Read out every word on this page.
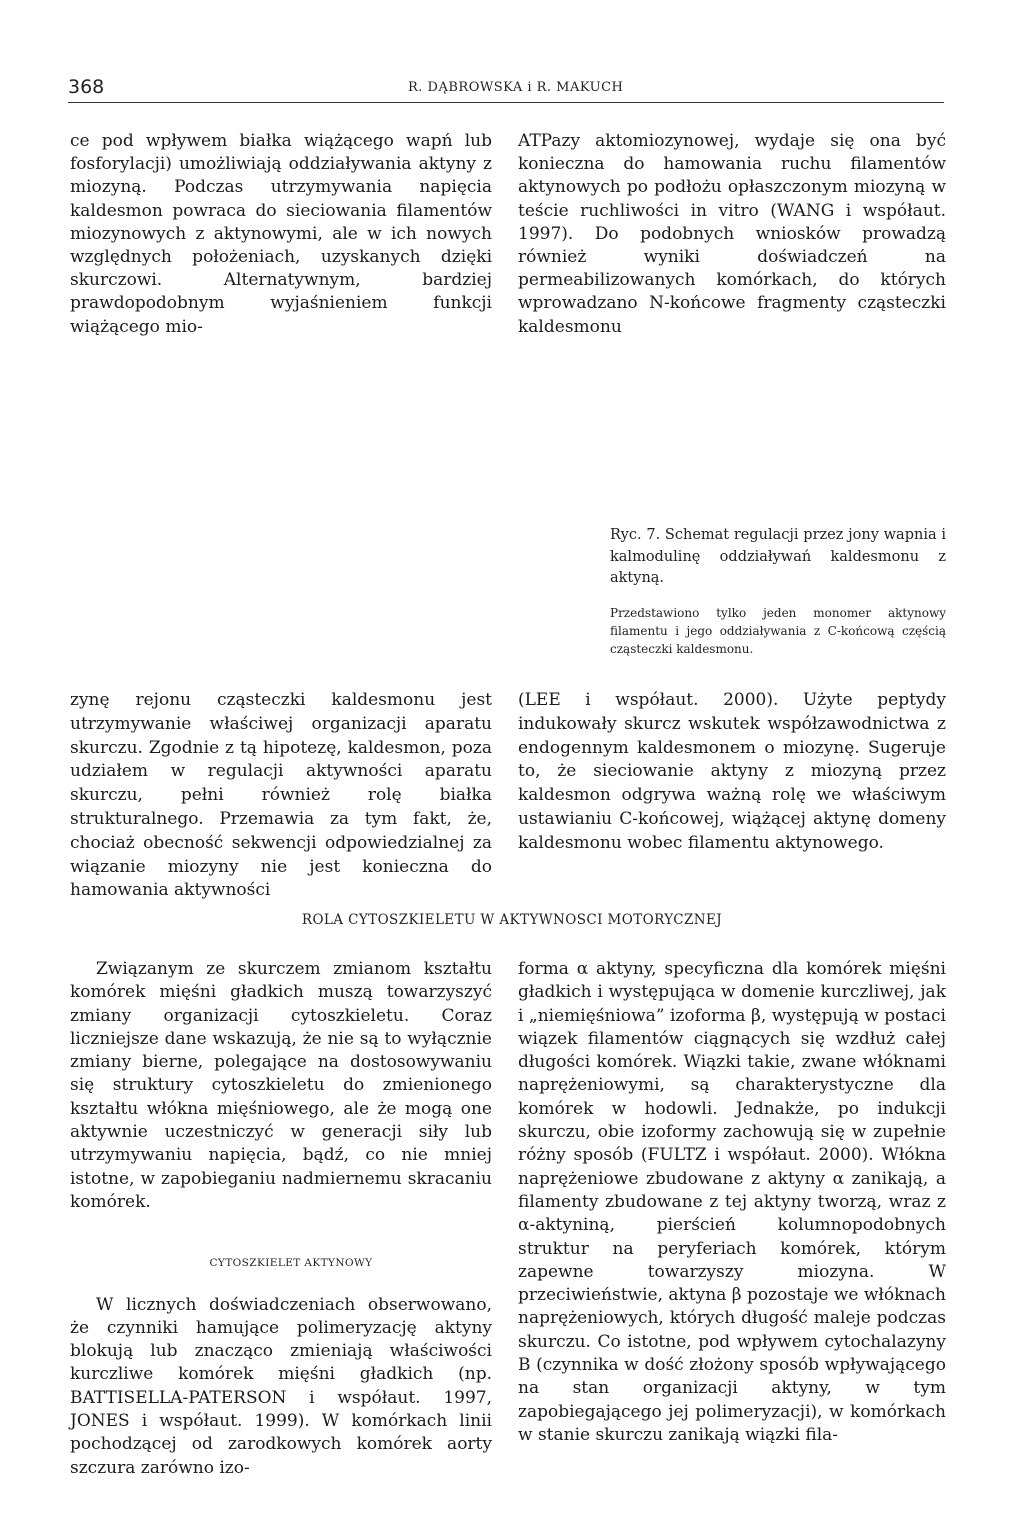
368	R. DĄBROWSKA i R. MAKUCH

ce pod wpływem białka wiążącego wapń lub fosforylacji) umożliwiają oddziaływania aktyny z miozyną. Podczas utrzymywania napięcia kaldesmon powraca do sieciowania filamentów miozynowych z aktynowymi, ale w ich nowych względnych położeniach, uzyskanych dzięki skurczowi. Alternatywnym, bardziej prawdopodobnym wyjaśnieniem funkcji wiążącego mio-

ATPazy aktomiozynowej, wydaje się ona być konieczna do hamowania ruchu filamentów aktynowych po podłożu opłaszczonym miozyną w teście ruchliwości in vitro (WANG i współaut. 1997). Do podobnych wniosków prowadzą również wyniki doświadczeń na permeabilizowanych komórkach, do których wprowadzano N-końcowe fragmenty cząsteczki kaldesmonu

Ryc. 7. Schemat regulacji przez jony wapnia i kalmodulinę oddziaływań kaldesmonu z aktyną.

Przedstawiono tylko jeden monomer aktynowy filamentu i jego oddziaływania z C-końcową częścią cząsteczki kaldesmonu.

zynę rejonu cząsteczki kaldesmonu jest utrzymywanie właściwej organizacji aparatu skurczu. Zgodnie z tą hipotezę, kaldesmon, poza udziałem w regulacji aktywności aparatu skurczu, pełni również rolę białka strukturalnego. Przemawia za tym fakt, że, chociaż obecność sekwencji odpowiedzialnej za wiązanie miozyny nie jest konieczna do hamowania aktywności

(LEE i współaut. 2000). Użyte peptydy indukowały skurcz wskutek współzawodnictwa z endogennym kaldesmonem o miozynę. Sugeruje to, że sieciowanie aktyny z miozyną przez kaldesmon odgrywa ważną rolę we właściwym ustawianiu C-końcowej, wiążącej aktynę domeny kaldesmonu wobec filamentu aktynowego.

ROLA CYTOSZKIELETU W AKTYWNOSCI MOTORYCZNEJ

Związanym ze skurczem zmianom kształtu komórek mięśni gładkich muszą towarzyszyć zmiany organizacji cytoszkieletu. Coraz liczniejsze dane wskazują, że nie są to wyłącznie zmiany bierne, polegające na dostosowywaniu się struktury cytoszkieletu do zmienionego kształtu włókna mięśniowego, ale że mogą one aktywnie uczestniczyć w generacji siły lub utrzymywaniu napięcia, bądź, co nie mniej istotne, w zapobieganiu nadmiernemu skracaniu komórek.

CYTOSZKIELET AKTYNOWY

W licznych doświadczeniach obserwowano, że czynniki hamujące polimeryzację aktyny blokują lub znacząco zmieniają właściwości kurczliwe komórek mięśni gładkich (np. BATTISELLA-PATERSON i współaut. 1997, JONES i współaut. 1999). W komórkach linii pochodzącej od zarodkowych komórek aorty szczura zarówno izo-

forma α aktyny, specyficzna dla komórek mięśni gładkich i występująca w domenie kurczliwej, jak i „niemięśniowa” izoforma β, występują w postaci wiązek filamentów ciągnących się wzdłuż całej długości komórek. Wiązki takie, zwane włóknami naprężeniowymi, są charakterystyczne dla komórek w hodowli. Jednakże, po indukcji skurczu, obie izoformy zachowują się w zupełnie różny sposób (FULTZ i współaut. 2000). Włókna naprężeniowe zbudowane z aktyny α zanikają, a filamenty zbudowane z tej aktyny tworzą, wraz z α-aktyniną, pierścień kolumnopodobnych struktur na peryferiach komórek, którym zapewne towarzyszy miozyna. W przeciwieństwie, aktyna β pozostaje we włóknach naprężeniowych, których długość maleje podczas skurczu. Co istotne, pod wpływem cytochalazyny B (czynnika w dość złożony sposób wpływającego na stan organizacji aktyny, w tym zapobiegającego jej polimeryzacji), w komórkach w stanie skurczu zanikają wiązki fila-
